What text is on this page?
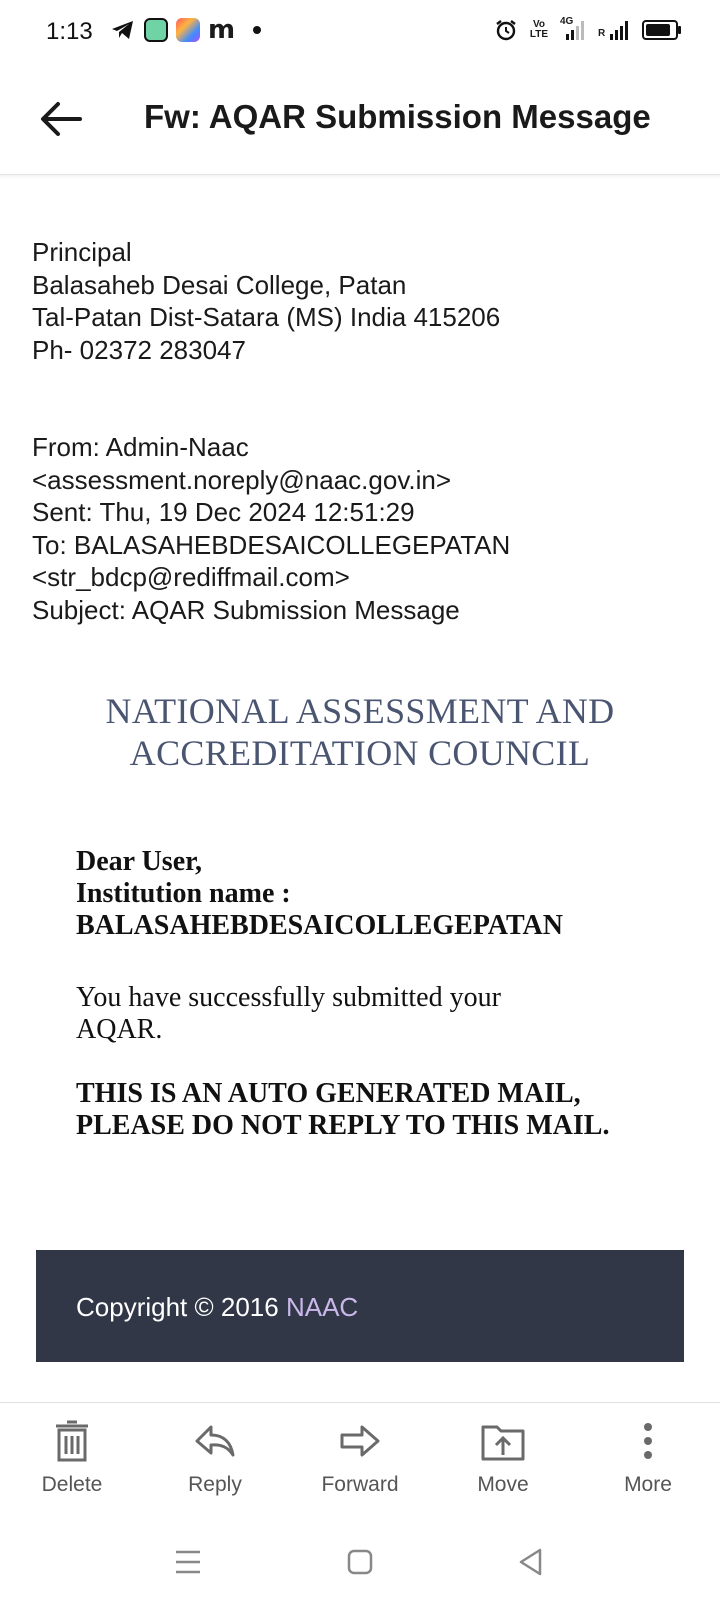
1:13	m	Vo LTE
4G
R
Fw: AQAR Submission Message
Principal
Balasaheb Desai College, Patan
Tal-Patan Dist-Satara (MS) India 415206
Ph- 02372 283047
From: Admin-Naac
<assessment.noreply@naac.gov.in>
Sent: Thu, 19 Dec 2024 12:51:29
To: BALASAHEBDESAICOLLEGEPATAN
<str_bdcp@rediffmail.com>
Subject: AQAR Submission Message
NATIONAL ASSESSMENT AND
ACCREDITATION COUNCIL
Dear User,
Institution name :
BALASAHEBDESAICOLLEGEPATAN
You have successfully submitted your
AQAR.
THIS IS AN AUTO GENERATED MAIL,
PLEASE DO NOT REPLY TO THIS MAIL.
Copyright © 2016 NAAC
Delete	Reply	Forward	Move	More
